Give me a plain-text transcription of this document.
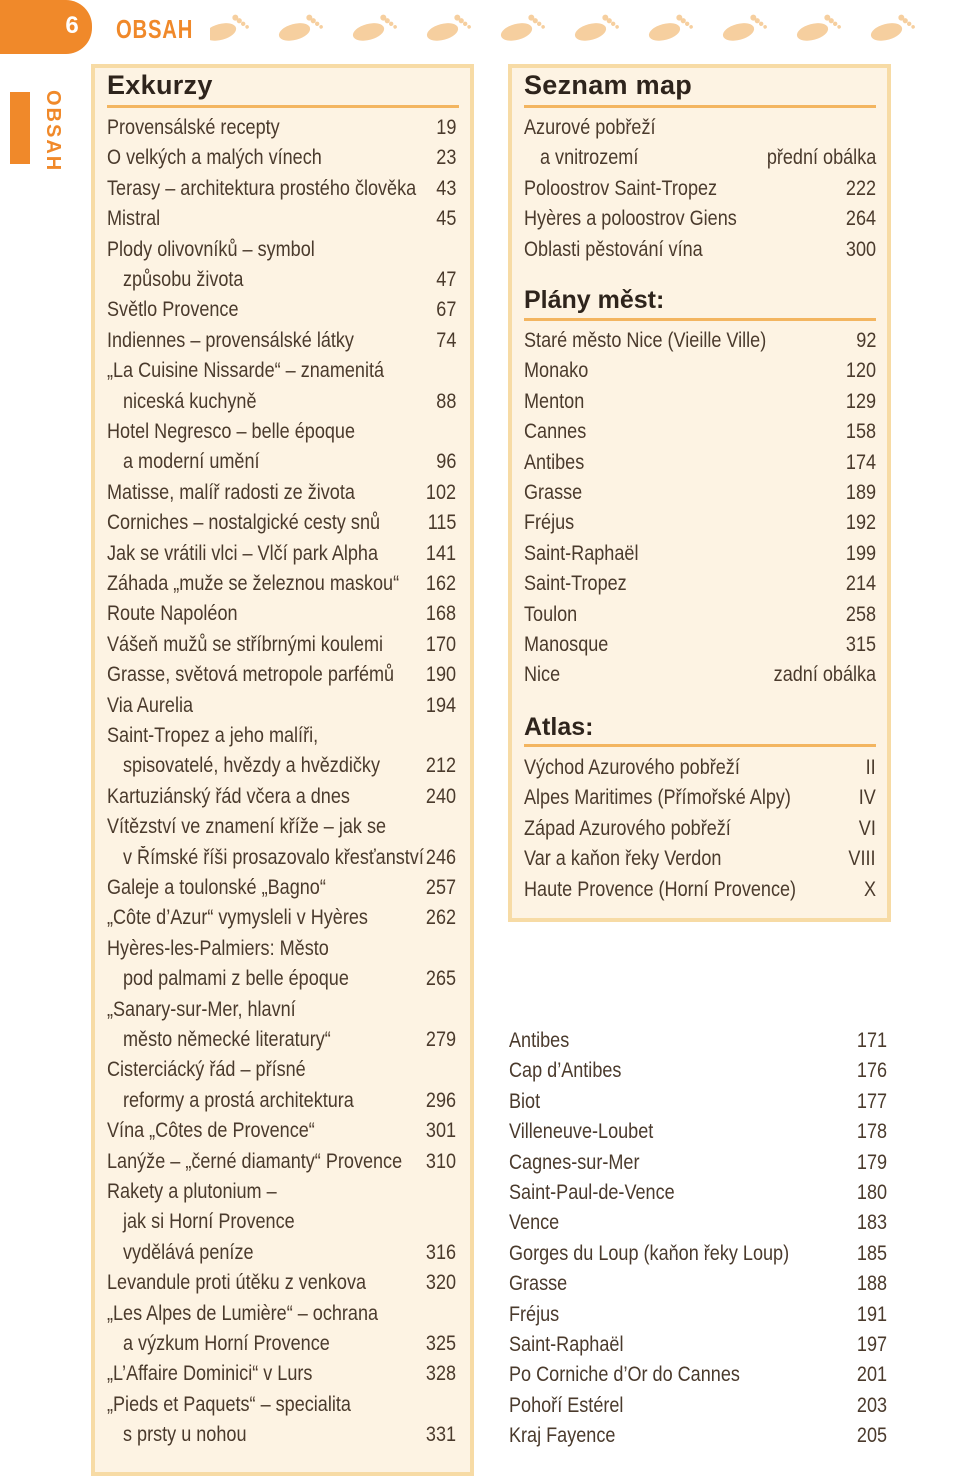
6	OBSAH
OBSAH
Exkurzy
Provensálské recepty	19
O velkých a malých vínech	23
Terasy – architektura prostého člověka 43
Mistral	45
Plody olivovníků – symbol
způsobu života	47
Světlo Provence	67
Indiennes – provensálské látky	74
„La Cuisine Nissarde“ – znamenitá
niceská kuchyně	88
Hotel Negresco – belle époque
a moderní umění	96
Matisse, malíř radosti ze života	102
Corniches – nostalgické cesty snů 115
Jak se vrátili vlci – Vlčí park Alpha 141
Záhada „muže se železnou maskou“ 162
Route Napoléon	168
Vášeň mužů se stříbrnými koulemi 170
Grasse, světová metropole parfémů 190
Via Aurelia	194
Saint-Tropez a jeho malíři,
spisovatelé, hvězdy a hvězdičky 212
Kartuziánský řád včera a dnes	240
Vítězství ve znamení kříže – jak se
v Římské říši prosazovalo křesťanství 246
Galeje a toulonské „Bagno“	257
„Côte d’Azur“ vymysleli v Hyères	262
Hyères-les-Palmiers: Město
pod palmami z belle époque	265
„Sanary-sur-Mer, hlavní
město německé literatury“	279
Cisterciácký řád – přísné
reformy a prostá architektura	296
Vína „Côtes de Provence“	301
Lanýže – „černé diamanty“ Provence 310
Rakety a plutonium –
jak si Horní Provence
vydělává peníze	316
Levandule proti útěku z venkova	320
„Les Alpes de Lumière“ – ochrana
a výzkum Horní Provence	325
„L’Affaire Dominici“ v Lurs	328
„Pieds et Paquets“ – specialita
s prsty u nohou	331
Seznam map
Azurové pobřeží
a vnitrozemí	přední obálka
Poloostrov Saint-Tropez	222
Hyères a poloostrov Giens	264
Oblasti pěstování vína	300
Plány měst:
Staré město Nice (Vieille Ville)	92
Monako	120
Menton	129
Cannes	158
Antibes	174
Grasse	189
Fréjus	192
Saint-Raphaël	199
Saint-Tropez	214
Toulon	258
Manosque	315
Nice	zadní obálka
Atlas:
Východ Azurového pobřeží	II
Alpes Maritimes (Přímořské Alpy)	IV
Západ Azurového pobřeží	VI
Var a kaňon řeky Verdon	VIII
Haute Provence (Horní Provence)	X
Antibes	171
Cap d’Antibes	176
Biot	177
Villeneuve-Loubet	178
Cagnes-sur-Mer	179
Saint-Paul-de-Vence	180
Vence	183
Gorges du Loup (kaňon řeky Loup)	185
Grasse	188
Fréjus	191
Saint-Raphaël	197
Po Corniche d’Or do Cannes	201
Pohoří Estérel	203
Kraj Fayence	205
